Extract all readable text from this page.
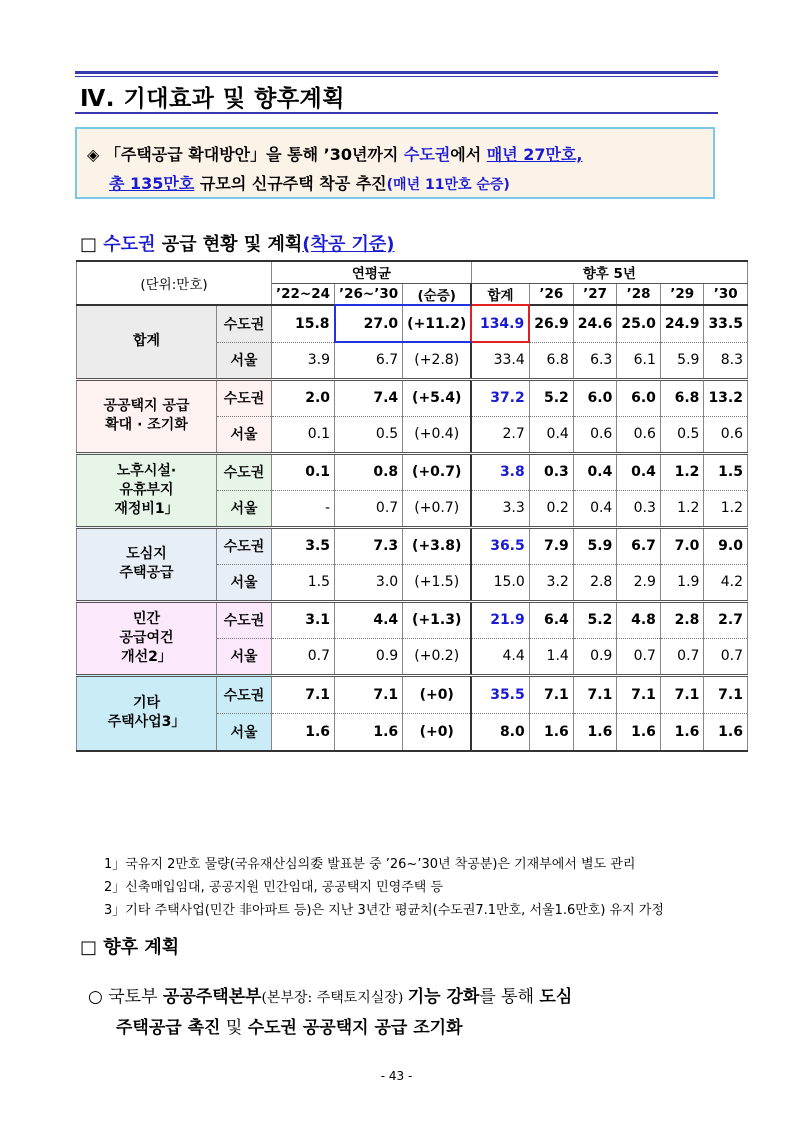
Ⅳ. 기대효과 및 향후계획
◈ 「주택공급 확대방안」을 통해 ’30년까지 수도권에서 매년 27만호,
총 135만호 규모의 신규주택 착공 추진(매년 11만호 순증)
□ 수도권 공급 현황 및 계획(착공 기준)
(단위:만호)		연평균			향후 5년					
		’22~24	’26~’30	(순증)	합계	’26	’27	’28	’29	’30

합계	수도권	15.8	27.0	(+11.2)	134.9	26.9	24.6	25.0	24.9	33.5
	서울	3.9	6.7	(+2.8)	33.4	6.8	6.3	6.1	5.9	8.3

공공택지 공급
확대 · 조기화	수도권	2.0	7.4	(+5.4)	37.2	5.2	6.0	6.0	6.8	13.2
	서울	0.1	0.5	(+0.4)	2.7	0.4	0.6	0.6	0.5	0.6

노후시설·
유휴부지
재정비1」	수도권	0.1	0.8	(+0.7)	3.8	0.3	0.4	0.4	1.2	1.5
	서울	-	0.7	(+0.7)	3.3	0.2	0.4	0.3	1.2	1.2

도심지
주택공급	수도권	3.5	7.3	(+3.8)	36.5	7.9	5.9	6.7	7.0	9.0
	서울	1.5	3.0	(+1.5)	15.0	3.2	2.8	2.9	1.9	4.2

민간
공급여건
개선2」	수도권	3.1	4.4	(+1.3)	21.9	6.4	5.2	4.8	2.8	2.7
	서울	0.7	0.9	(+0.2)	4.4	1.4	0.9	0.7	0.7	0.7

기타
주택사업3」	수도권	7.1	7.1	(+0)	35.5	7.1	7.1	7.1	7.1	7.1
	서울	1.6	1.6	(+0)	8.0	1.6	1.6	1.6	1.6	1.6
1」국유지 2만호 물량(국유재산심의委 발표분 중 ’26~’30년 착공분)은 기재부에서 별도 관리
2」신축매입임대, 공공지원 민간임대, 공공택지 민영주택 등
3」기타 주택사업(민간 非아파트 등)은 지난 3년간 평균치(수도권7.1만호, 서울1.6만호) 유지 가정
□ 향후 계획
○ 국토부 공공주택본부(본부장: 주택토지실장) 기능 강화를 통해 도심
주택공급 촉진 및 수도권 공공택지 공급 조기화
- 43 -
